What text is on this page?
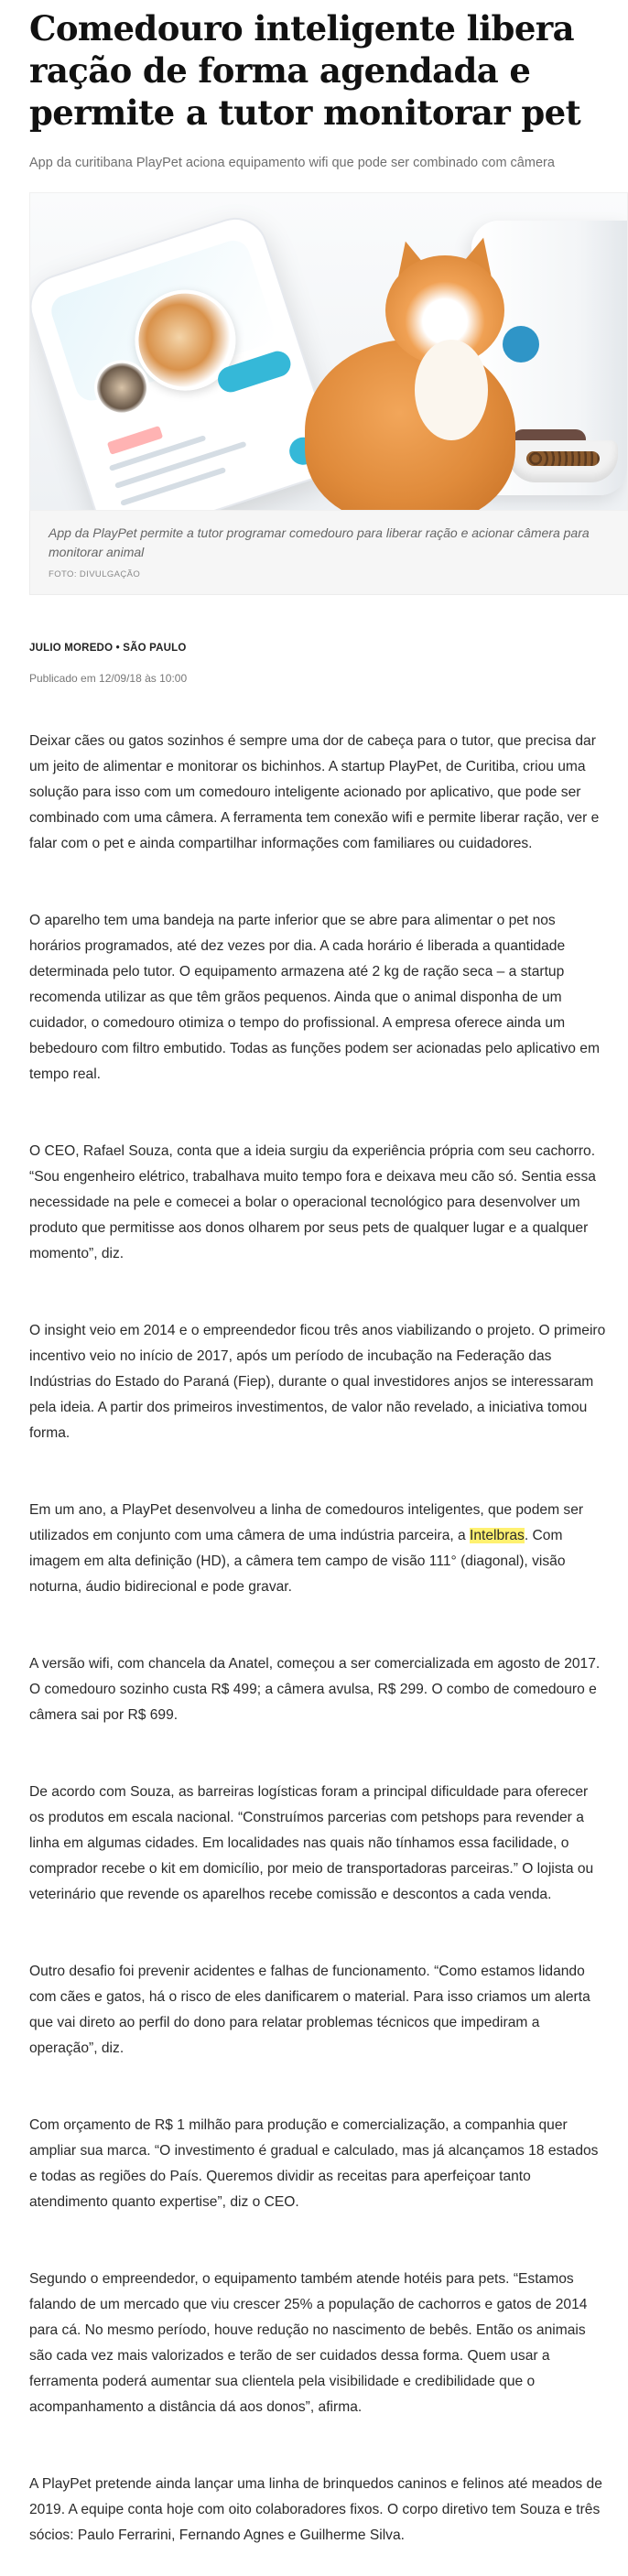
Comedouro inteligente libera ração de forma agendada e permite a tutor monitorar pet

App da curitibana PlayPet aciona equipamento wifi que pode ser combinado com câmera

App da PlayPet permite a tutor programar comedouro para liberar ração e acionar câmera para monitorar animal

FOTO: DIVULGAÇÃO

JULIO MOREDO • SÃO PAULO

Publicado em 12/09/18 às 10:00

Deixar cães ou gatos sozinhos é sempre uma dor de cabeça para o tutor, que precisa dar um jeito de alimentar e monitorar os bichinhos. A startup PlayPet, de Curitiba, criou uma solução para isso com um comedouro inteligente acionado por aplicativo, que pode ser combinado com uma câmera. A ferramenta tem conexão wifi e permite liberar ração, ver e falar com o pet e ainda compartilhar informações com familiares ou cuidadores.

O aparelho tem uma bandeja na parte inferior que se abre para alimentar o pet nos horários programados, até dez vezes por dia. A cada horário é liberada a quantidade determinada pelo tutor. O equipamento armazena até 2 kg de ração seca – a startup recomenda utilizar as que têm grãos pequenos. Ainda que o animal disponha de um cuidador, o comedouro otimiza o tempo do profissional. A empresa oferece ainda um bebedouro com filtro embutido. Todas as funções podem ser acionadas pelo aplicativo em tempo real.

O CEO, Rafael Souza, conta que a ideia surgiu da experiência própria com seu cachorro. “Sou engenheiro elétrico, trabalhava muito tempo fora e deixava meu cão só. Sentia essa necessidade na pele e comecei a bolar o operacional tecnológico para desenvolver um produto que permitisse aos donos olharem por seus pets de qualquer lugar e a qualquer momento”, diz.

O insight veio em 2014 e o empreendedor ficou três anos viabilizando o projeto. O primeiro incentivo veio no início de 2017, após um período de incubação na Federação das Indústrias do Estado do Paraná (Fiep), durante o qual investidores anjos se interessaram pela ideia. A partir dos primeiros investimentos, de valor não revelado, a iniciativa tomou forma.

Em um ano, a PlayPet desenvolveu a linha de comedouros inteligentes, que podem ser utilizados em conjunto com uma câmera de uma indústria parceira, a Intelbras. Com imagem em alta definição (HD), a câmera tem campo de visão 111° (diagonal), visão noturna, áudio bidirecional e pode gravar.

A versão wifi, com chancela da Anatel, começou a ser comercializada em agosto de 2017. O comedouro sozinho custa R$ 499; a câmera avulsa, R$ 299. O combo de comedouro e câmera sai por R$ 699.

De acordo com Souza, as barreiras logísticas foram a principal dificuldade para oferecer os produtos em escala nacional. “Construímos parcerias com petshops para revender a linha em algumas cidades. Em localidades nas quais não tínhamos essa facilidade, o comprador recebe o kit em domicílio, por meio de transportadoras parceiras.” O lojista ou veterinário que revende os aparelhos recebe comissão e descontos a cada venda.

Outro desafio foi prevenir acidentes e falhas de funcionamento. “Como estamos lidando com cães e gatos, há o risco de eles danificarem o material. Para isso criamos um alerta que vai direto ao perfil do dono para relatar problemas técnicos que impediram a operação”, diz.

Com orçamento de R$ 1 milhão para produção e comercialização, a companhia quer ampliar sua marca. “O investimento é gradual e calculado, mas já alcançamos 18 estados e todas as regiões do País. Queremos dividir as receitas para aperfeiçoar tanto atendimento quanto expertise”, diz o CEO.

Segundo o empreendedor, o equipamento também atende hotéis para pets. “Estamos falando de um mercado que viu crescer 25% a população de cachorros e gatos de 2014 para cá. No mesmo período, houve redução no nascimento de bebês. Então os animais são cada vez mais valorizados e terão de ser cuidados dessa forma. Quem usar a ferramenta poderá aumentar sua clientela pela visibilidade e credibilidade que o acompanhamento a distância dá aos donos”, afirma.

A PlayPet pretende ainda lançar uma linha de brinquedos caninos e felinos até meados de 2019. A equipe conta hoje com oito colaboradores fixos. O corpo diretivo tem Souza e três sócios: Paulo Ferrarini, Fernando Agnes e Guilherme Silva.
